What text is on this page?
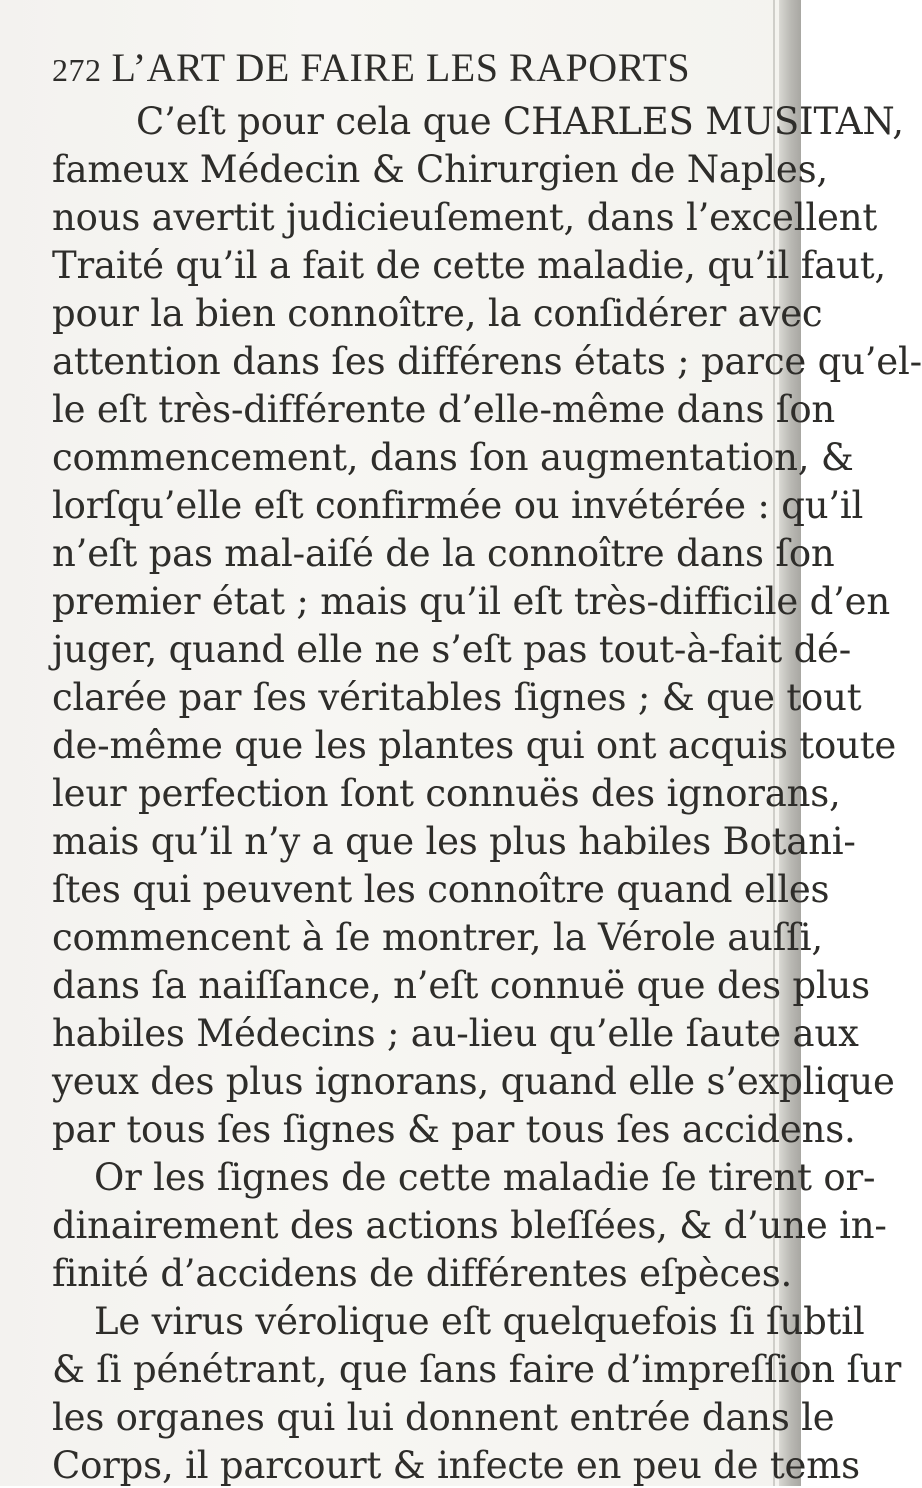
272 L’ART DE FAIRE LES RAPORTS
C’eſt pour cela que CHARLES MUSITAN,
fameux Médecin & Chirurgien de Naples,
nous avertit judicieuſement, dans l’excellent
Traité qu’il a fait de cette maladie, qu’il faut,
pour la bien connoître, la conſidérer avec
attention dans ſes différens états ; parce qu’el-
le eſt très-différente d’elle-même dans ſon
commencement, dans ſon augmentation, &
lorſqu’elle eſt confirmée ou invétérée : qu’il
n’eſt pas mal-aiſé de la connoître dans ſon
premier état ; mais qu’il eſt très-difficile d’en
juger, quand elle ne s’eſt pas tout-à-fait dé-
clarée par ſes véritables ſignes ; & que tout
de-même que les plantes qui ont acquis toute
leur perfection ſont connuës des ignorans,
mais qu’il n’y a que les plus habiles Botani-
ſtes qui peuvent les connoître quand elles
commencent à ſe montrer, la Vérole auſſi,
dans ſa naiſſance, n’eſt connuë que des plus
habiles Médecins ; au-lieu qu’elle ſaute aux
yeux des plus ignorans, quand elle s’explique
par tous ſes ſignes & par tous ſes accidens.
Or les ſignes de cette maladie ſe tirent or-
dinairement des actions bleſſées, & d’une in-
finité d’accidens de différentes eſpèces.
Le virus vérolique eſt quelquefois ſi ſubtil
& ſi pénétrant, que ſans faire d’impreſſion ſur
les organes qui lui donnent entrée dans le
Corps, il parcourt & infecte en peu de tems
